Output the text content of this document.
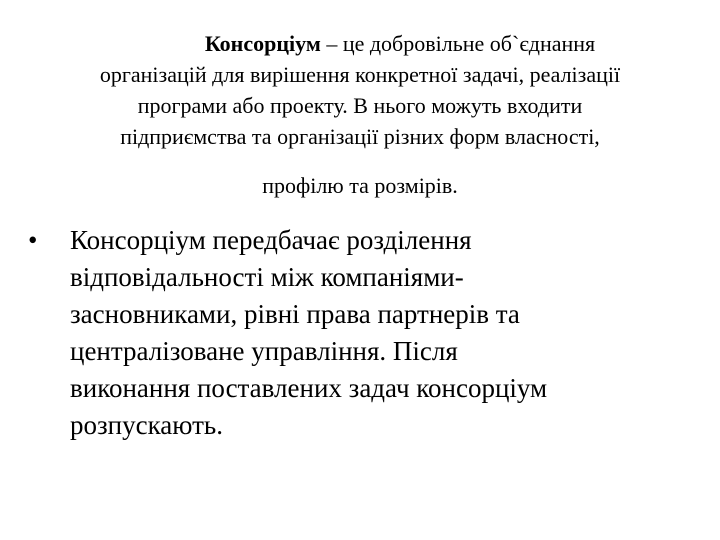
Консорціум – це добровільне об`єднання
організацій для вирішення конкретної задачі, реалізації
програми або проекту. В нього можуть входити
підприємства та організації різних форм власності,
профілю та розмірів.
• Консорціум передбачає розділення
відповідальності між компаніями-
засновниками, рівні права партнерів та
централізоване управління. Після
виконання поставлених задач консорціум
розпускають.
